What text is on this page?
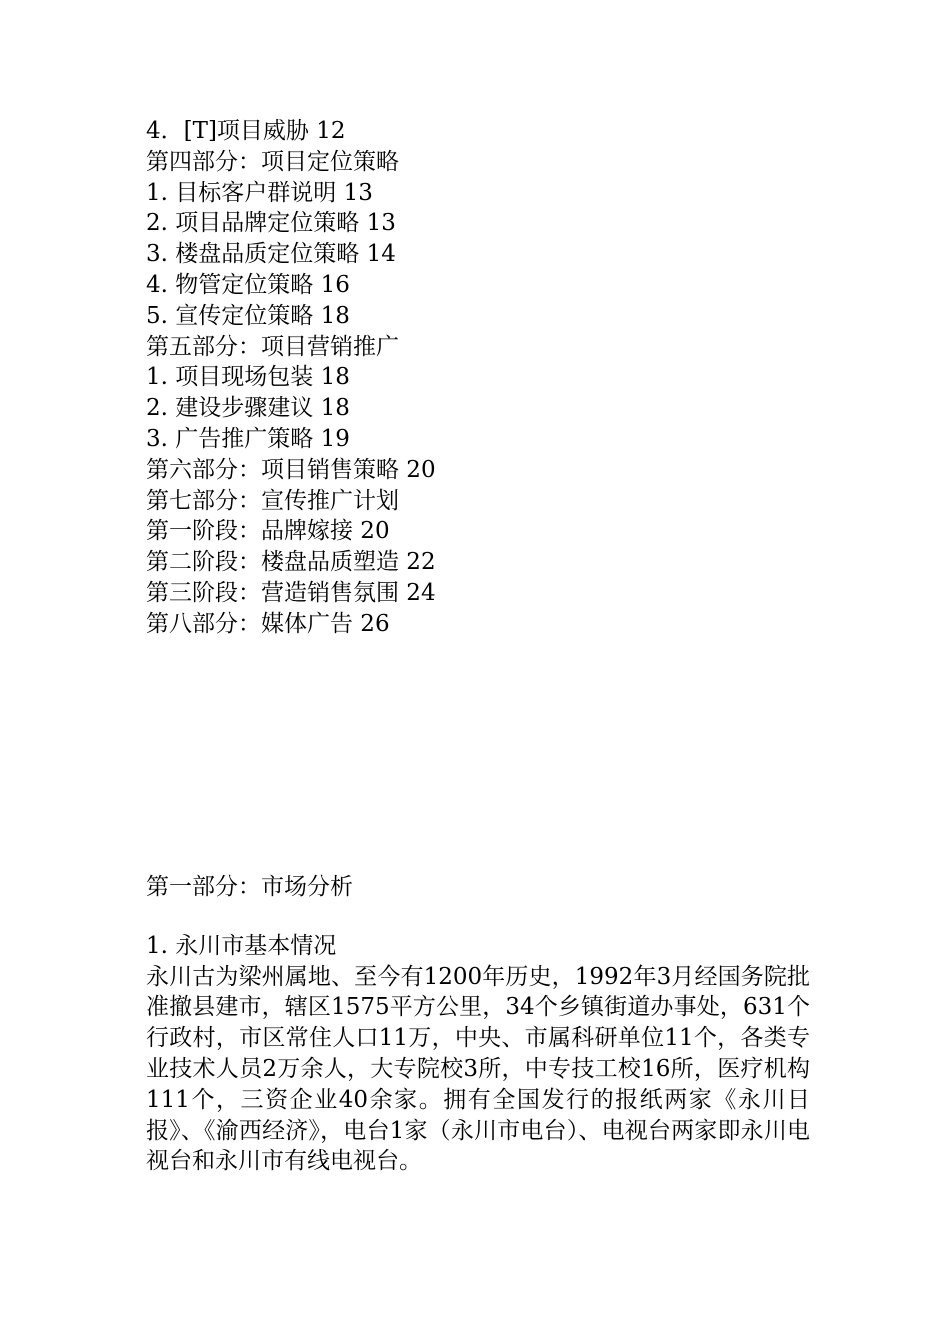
4．[T]项目威胁 12
第四部分：项目定位策略
1. 目标客户群说明 13
2. 项目品牌定位策略 13
3. 楼盘品质定位策略 14
4. 物管定位策略 16
5. 宣传定位策略 18
第五部分：项目营销推广
1. 项目现场包装 18
2. 建设步骤建议 18
3. 广告推广策略 19
第六部分：项目销售策略 20
第七部分：宣传推广计划
第一阶段：品牌嫁接 20
第二阶段：楼盘品质塑造 22
第三阶段：营造销售氛围 24
第八部分：媒体广告 26
第一部分：市场分析
1. 永川市基本情况

永川古为梁州属地、至今有1200年历史，1992年3月经国务院批准撤县建市，辖区1575平方公里，34个乡镇街道办事处，631个行政村，市区常住人口11万，中央、市属科研单位11个，各类专业技术人员2万余人，大专院校3所，中专技工校16所，医疗机构111个，三资企业40余家。拥有全国发行的报纸两家《永川日报》、《渝西经济》，电台1家（永川市电台）、电视台两家即永川电视台和永川市有线电视台。
